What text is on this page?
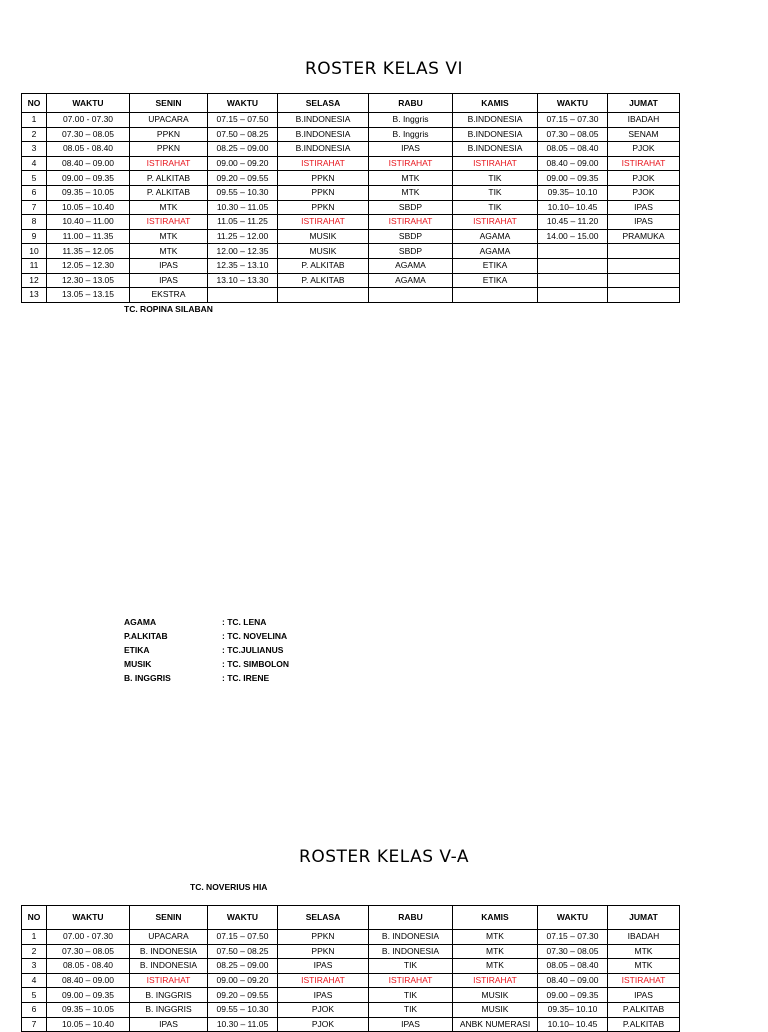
ROSTER KELAS VI
NO	WAKTU	SENIN	WAKTU	SELASA	RABU	KAMIS	WAKTU	JUMAT
1	07.00 - 07.30	UPACARA	07.15 – 07.50	B.INDONESIA	B. Inggris	B.INDONESIA	07.15 – 07.30	IBADAH
2	07.30 – 08.05	PPKN	07.50 – 08.25	B.INDONESIA	B. Inggris	B.INDONESIA	07.30 – 08.05	SENAM
3	08.05 - 08.40	PPKN	08.25 – 09.00	B.INDONESIA	IPAS	B.INDONESIA	08.05 – 08.40	PJOK
4	08.40 – 09.00	ISTIRAHAT	09.00 – 09.20	ISTIRAHAT	ISTIRAHAT	ISTIRAHAT	08.40 – 09.00	ISTIRAHAT
5	09.00 – 09.35	P. ALKITAB	09.20 – 09.55	PPKN	MTK	TIK	09.00 – 09.35	PJOK
6	09.35 – 10.05	P. ALKITAB	09.55 – 10.30	PPKN	MTK	TIK	09.35– 10.10	PJOK
7	10.05 – 10.40	MTK	10.30 – 11.05	PPKN	SBDP	TIK	10.10– 10.45	IPAS
8	10.40 – 11.00	ISTIRAHAT	11.05 – 11.25	ISTIRAHAT	ISTIRAHAT	ISTIRAHAT	10.45 – 11.20	IPAS
9	11.00 – 11.35	MTK	11.25 – 12.00	MUSIK	SBDP	AGAMA	14.00 – 15.00	PRAMUKA
10	11.35 – 12.05	MTK	12.00 – 12.35	MUSIK	SBDP	AGAMA		
11	12.05 – 12.30	IPAS	12.35 – 13.10	P. ALKITAB	AGAMA	ETIKA		
12	12.30 – 13.05	IPAS	13.10 – 13.30	P. ALKITAB	AGAMA	ETIKA		
13	13.05 – 13.15	EKSTRA						
TC. ROPINA SILABAN
AGAMA	: TC. LENA
P.ALKITAB	: TC. NOVELINA
ETIKA	: TC.JULIANUS
MUSIK	: TC. SIMBOLON
B. INGGRIS	: TC. IRENE
ROSTER KELAS V-A
TC. NOVERIUS HIA
NO	WAKTU	SENIN	WAKTU	SELASA	RABU	KAMIS	WAKTU	JUMAT
1	07.00 - 07.30	UPACARA	07.15 – 07.50	PPKN	B. INDONESIA	MTK	07.15 – 07.30	IBADAH
2	07.30 – 08.05	B. INDONESIA	07.50 – 08.25	PPKN	B. INDONESIA	MTK	07.30 – 08.05	MTK
3	08.05 - 08.40	B. INDONESIA	08.25 – 09.00	IPAS	TIK	MTK	08.05 – 08.40	MTK
4	08.40 – 09.00	ISTIRAHAT	09.00 – 09.20	ISTIRAHAT	ISTIRAHAT	ISTIRAHAT	08.40 – 09.00	ISTIRAHAT
5	09.00 – 09.35	B. INGGRIS	09.20 – 09.55	IPAS	TIK	MUSIK	09.00 – 09.35	IPAS
6	09.35 – 10.05	B. INGGRIS	09.55 – 10.30	PJOK	TIK	MUSIK	09.35– 10.10	P.ALKITAB
7	10.05 – 10.40	IPAS	10.30 – 11.05	PJOK	IPAS	ANBK NUMERASI	10.10– 10.45	P.ALKITAB
